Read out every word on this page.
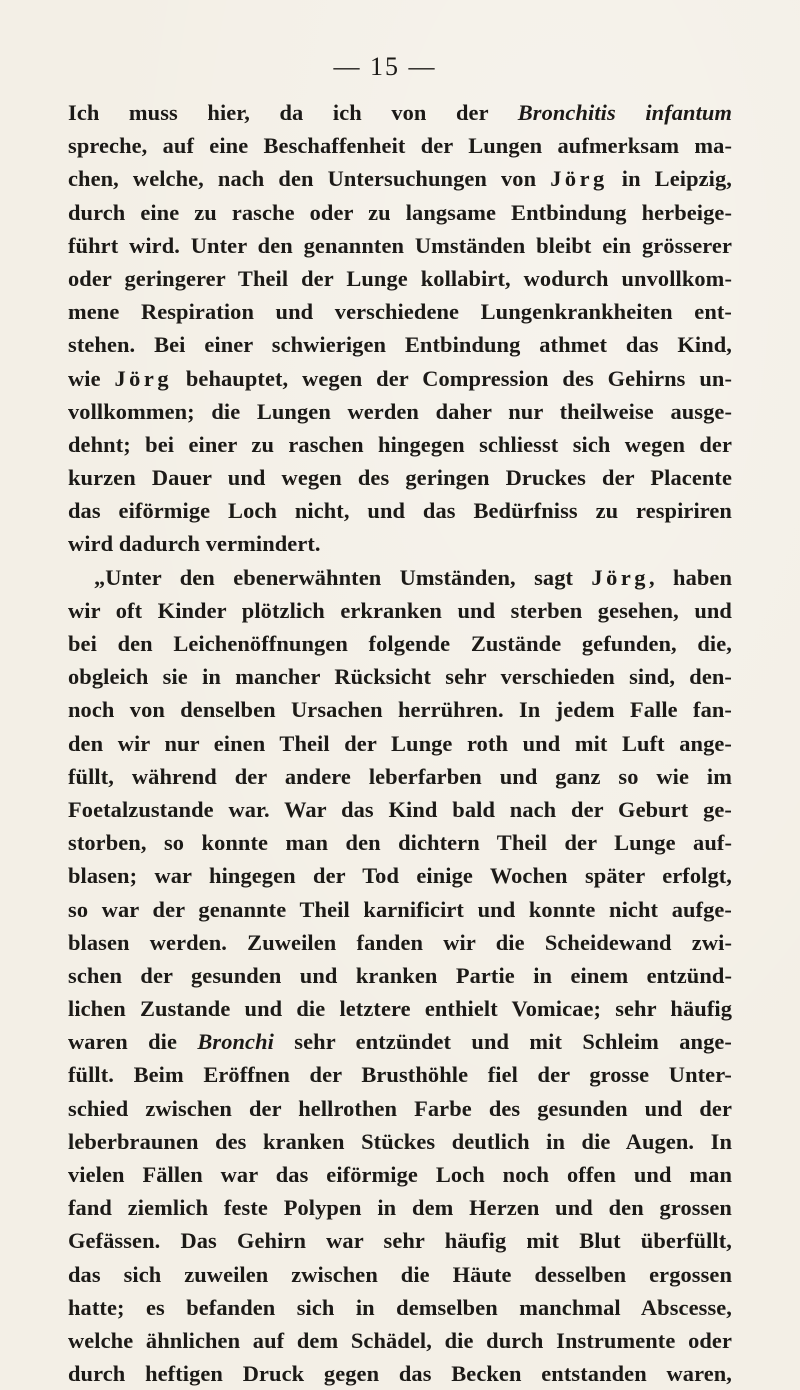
— 15 —
Ich muss hier, da ich von der Bronchitis infantum
spreche, auf eine Beschaffenheit der Lungen aufmerksam ma-
chen, welche, nach den Untersuchungen von Jörg in Leipzig,
durch eine zu rasche oder zu langsame Entbindung herbeige-
führt wird. Unter den genannten Umständen bleibt ein grösserer
oder geringerer Theil der Lunge kollabirt, wodurch unvollkom-
mene Respiration und verschiedene Lungenkrankheiten ent-
stehen. Bei einer schwierigen Entbindung athmet das Kind,
wie Jörg behauptet, wegen der Compression des Gehirns un-
vollkommen; die Lungen werden daher nur theilweise ausge-
dehnt; bei einer zu raschen hingegen schliesst sich wegen der
kurzen Dauer und wegen des geringen Druckes der Placente
das eiförmige Loch nicht, und das Bedürfniss zu respiriren
wird dadurch vermindert.
„Unter den ebenerwähnten Umständen, sagt Jörg, haben
wir oft Kinder plötzlich erkranken und sterben gesehen, und
bei den Leichenöffnungen folgende Zustände gefunden, die,
obgleich sie in mancher Rücksicht sehr verschieden sind, den-
noch von denselben Ursachen herrühren. In jedem Falle fan-
den wir nur einen Theil der Lunge roth und mit Luft ange-
füllt, während der andere leberfarben und ganz so wie im
Foetalzustande war. War das Kind bald nach der Geburt ge-
storben, so konnte man den dichtern Theil der Lunge auf-
blasen; war hingegen der Tod einige Wochen später erfolgt,
so war der genannte Theil karnificirt und konnte nicht aufge-
blasen werden. Zuweilen fanden wir die Scheidewand zwi-
schen der gesunden und kranken Partie in einem entzünd-
lichen Zustande und die letztere enthielt Vomicae; sehr häufig
waren die Bronchi sehr entzündet und mit Schleim ange-
füllt. Beim Eröffnen der Brusthöhle fiel der grosse Unter-
schied zwischen der hellrothen Farbe des gesunden und der
leberbraunen des kranken Stückes deutlich in die Augen. In
vielen Fällen war das eiförmige Loch noch offen und man
fand ziemlich feste Polypen in dem Herzen und den grossen
Gefässen. Das Gehirn war sehr häufig mit Blut überfüllt,
das sich zuweilen zwischen die Häute desselben ergossen
hatte; es befanden sich in demselben manchmal Abscesse,
welche ähnlichen auf dem Schädel, die durch Instrumente oder
durch heftigen Druck gegen das Becken entstanden waren,
